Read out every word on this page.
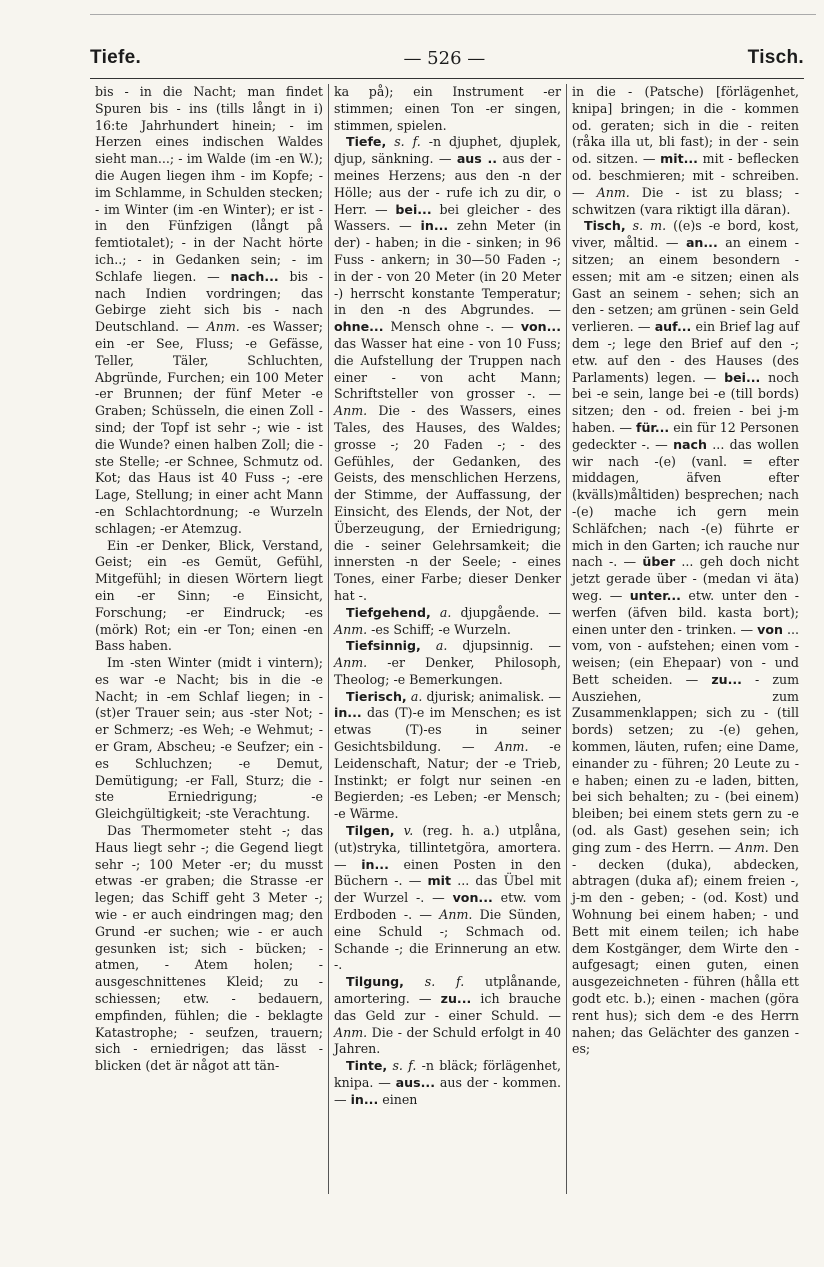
Tiefe.	— 526 —	Tisch.

bis - in die Nacht; man findet Spuren bis - ins (tills långt in i) 16:te Jahrhundert hinein; - im Herzen eines indischen Waldes sieht man...; - im Walde (im -en W.); die Augen liegen ihm - im Kopfe; - im Schlamme, in Schulden stecken; - im Winter (im -en Winter); er ist - in den Fünfzigen (långt på femtiotalet); - in der Nacht hörte ich..; - in Gedanken sein; - im Schlafe liegen. — nach... bis - nach Indien vordringen; das Gebirge zieht sich bis - nach Deutschland. — Anm. -es Wasser; ein -er See, Fluss; -e Gefässe, Teller, Täler, Schluchten, Abgründe, Furchen; ein 100 Meter -er Brunnen; der fünf Meter -e Graben; Schüsseln, die einen Zoll - sind; der Topf ist sehr -; wie - ist die Wunde? einen halben Zoll; die -ste Stelle; -er Schnee, Schmutz od. Kot; das Haus ist 40 Fuss -; -ere Lage, Stellung; in einer acht Mann -en Schlachtordnung; -e Wurzeln schlagen; -er Atemzug.

Ein -er Denker, Blick, Verstand, Geist; ein -es Gemüt, Gefühl, Mitgefühl; in diesen Wörtern liegt ein -er Sinn; -e Einsicht, Forschung; -er Eindruck; -es (mörk) Rot; ein -er Ton; einen -en Bass haben.

Im -sten Winter (midt i vintern); es war -e Nacht; bis in die -e Nacht; in -em Schlaf liegen; in -(st)er Trauer sein; aus -ster Not; -er Schmerz; -es Weh; -e Wehmut; -er Gram, Abscheu; -e Seufzer; ein -es Schluchzen; -e Demut, Demütigung; -er Fall, Sturz; die -ste Erniedrigung; -e Gleichgültigkeit; -ste Verachtung.

Das Thermometer steht -; das Haus liegt sehr -; die Gegend liegt sehr -; 100 Meter -er; du musst etwas -er graben; die Strasse -er legen; das Schiff geht 3 Meter -; wie - er auch eindringen mag; den Grund -er suchen; wie - er auch gesunken ist; sich - bücken; - atmen, - Atem holen; - ausgeschnittenes Kleid; zu - schiessen; etw. - bedauern, empfinden, fühlen; die - beklagte Katastrophe; - seufzen, trauern; sich - erniedrigen; das lässt - blicken (det är något att tän-

ka på); ein Instrument -er stimmen; einen Ton -er singen, stimmen, spielen.

Tiefe, s. f. -n djuphet, djuplek, djup, sänkning. — aus .. aus der - meines Herzens; aus den -n der Hölle; aus der - rufe ich zu dir, o Herr. — bei... bei gleicher - des Wassers. — in... zehn Meter (in der) - haben; in die - sinken; in 96 Fuss - ankern; in 30—50 Faden -; in der - von 20 Meter (in 20 Meter -) herrscht konstante Temperatur; in den -n des Abgrundes. — ohne... Mensch ohne -. — von... das Wasser hat eine - von 10 Fuss; die Aufstellung der Truppen nach einer - von acht Mann; Schriftsteller von grosser -. — Anm. Die - des Wassers, eines Tales, des Hauses, des Waldes; grosse -; 20 Faden -; - des Gefühles, der Gedanken, des Geists, des menschlichen Herzens, der Stimme, der Auffassung, der Einsicht, des Elends, der Not, der Überzeugung, der Erniedrigung; die - seiner Gelehrsamkeit; die innersten -n der Seele; - eines Tones, einer Farbe; dieser Denker hat -.

Tiefgehend, a. djupgående. — Anm. -es Schiff; -e Wurzeln.

Tiefsinnig, a. djupsinnig. — Anm. -er Denker, Philosoph, Theolog; -e Bemerkungen.

Tierisch, a. djurisk; animalisk. — in... das (T)-e im Menschen; es ist etwas (T)-es in seiner Gesichtsbildung. — Anm. -e Leidenschaft, Natur; der -e Trieb, Instinkt; er folgt nur seinen -en Begierden; -es Leben; -er Mensch; -e Wärme.

Tilgen, v. (reg. h. a.) utplåna, (ut)stryka, tillintetgöra, amortera. — in... einen Posten in den Büchern -. — mit ... das Übel mit der Wurzel -. — von... etw. vom Erdboden -. — Anm. Die Sünden, eine Schuld -; Schmach od. Schande -; die Erinnerung an etw. -.

Tilgung, s. f. utplånande, amortering. — zu... ich brauche das Geld zur - einer Schuld. — Anm. Die - der Schuld erfolgt in 40 Jahren.

Tinte, s. f. -n bläck; förlägenhet, knipa. — aus... aus der - kommen. — in... einen

in die - (Patsche) [förlägenhet, knipa] bringen; in die - kommen od. geraten; sich in die - reiten (råka illa ut, bli fast); in der - sein od. sitzen. — mit... mit - beflecken od. beschmieren; mit - schreiben. — Anm. Die - ist zu blass; - schwitzen (vara riktigt illa däran).

Tisch, s. m. ((e)s -e bord, kost, viver, måltid. — an... an einem - sitzen; an einem besondern - essen; mit am -e sitzen; einen als Gast an seinem - sehen; sich an den - setzen; am grünen - sein Geld verlieren. — auf... ein Brief lag auf dem -; lege den Brief auf den -; etw. auf den - des Hauses (des Parlaments) legen. — bei... noch bei -e sein, lange bei -e (till bords) sitzen; den - od. freien - bei j-m haben. — für... ein für 12 Personen gedeckter -. — nach ... das wollen wir nach -(e) (vanl. = efter middagen, äfven efter (kvälls)måltiden) besprechen; nach -(e) mache ich gern mein Schläfchen; nach -(e) führte er mich in den Garten; ich rauche nur nach -. — über ... geh doch nicht jetzt gerade über - (medan vi äta) weg. — unter... etw. unter den - werfen (äfven bild. kasta bort); einen unter den - trinken. — von ... vom, von - aufstehen; einen vom - weisen; (ein Ehepaar) von - und Bett scheiden. — zu... - zum Ausziehen, zum Zusammenklappen; sich zu - (till bords) setzen; zu -(e) gehen, kommen, läuten, rufen; eine Dame, einander zu - führen; 20 Leute zu -e haben; einen zu -e laden, bitten, bei sich behalten; zu - (bei einem) bleiben; bei einem stets gern zu -e (od. als Gast) gesehen sein; ich ging zum - des Herrn. — Anm. Den - decken (duka), abdecken, abtragen (duka af); einem freien -, j-m den - geben; - (od. Kost) und Wohnung bei einem haben; - und Bett mit einem teilen; ich habe dem Kostgänger, dem Wirte den - aufgesagt; einen guten, einen ausgezeichneten - führen (hålla ett godt etc. b.); einen - machen (göra rent hus); sich dem -e des Herrn nahen; das Gelächter des ganzen -es;
